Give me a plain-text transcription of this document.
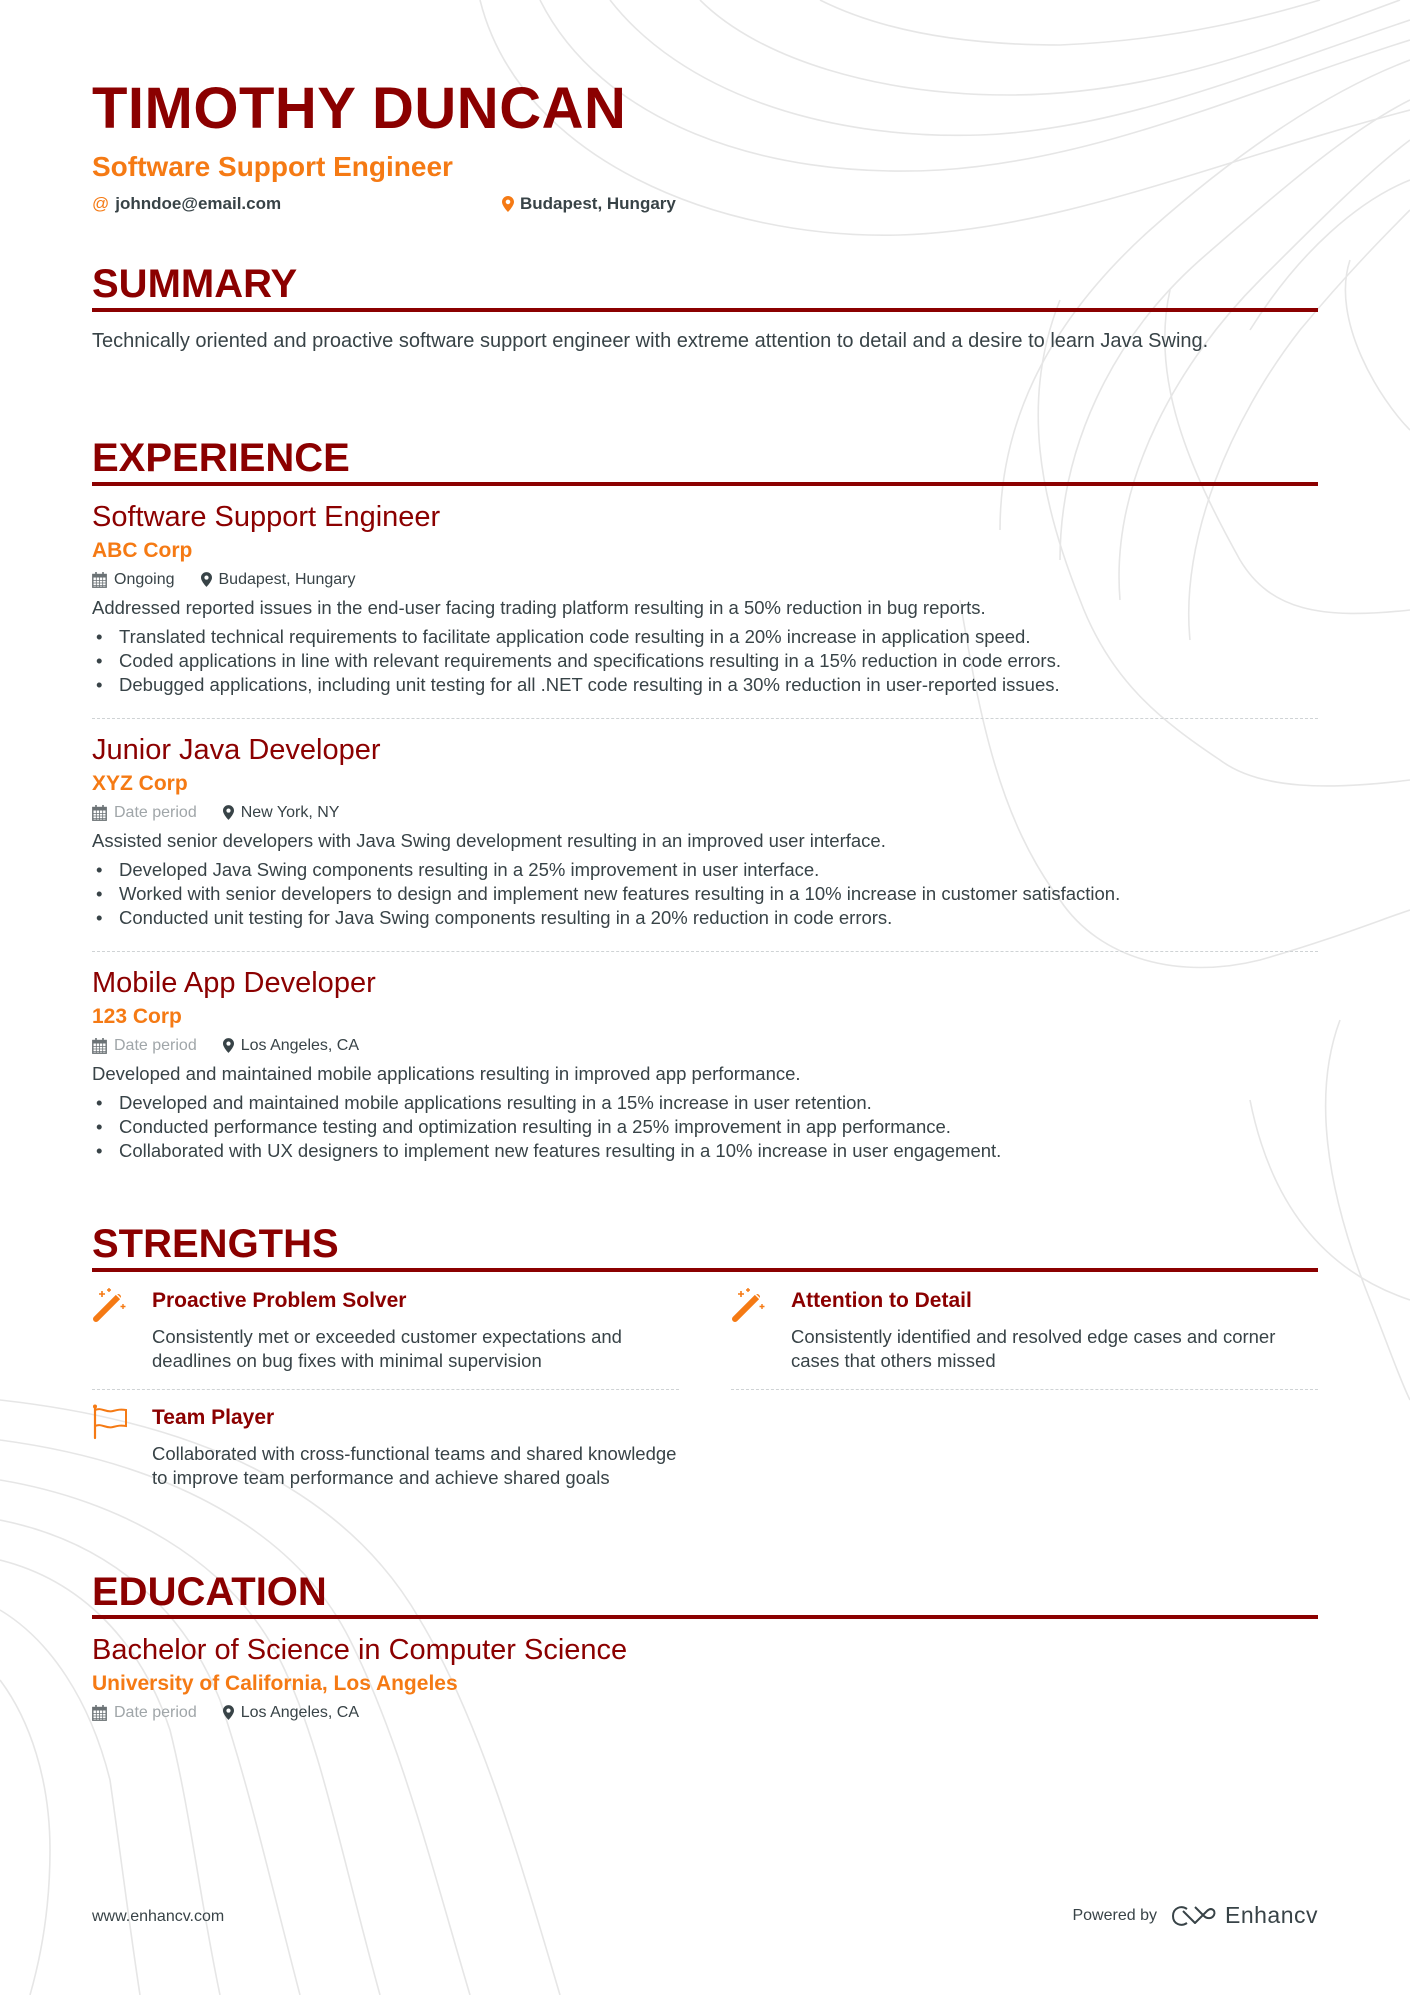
TIMOTHY DUNCAN
Software Support Engineer
@ johndoe@email.com	Budapest, Hungary
SUMMARY
Technically oriented and proactive software support engineer with extreme attention to detail and a desire to learn Java Swing.
EXPERIENCE
Software Support Engineer
ABC Corp
Ongoing	Budapest, Hungary
Addressed reported issues in the end-user facing trading platform resulting in a 50% reduction in bug reports.
• Translated technical requirements to facilitate application code resulting in a 20% increase in application speed.
• Coded applications in line with relevant requirements and specifications resulting in a 15% reduction in code errors.
• Debugged applications, including unit testing for all .NET code resulting in a 30% reduction in user-reported issues.
Junior Java Developer
XYZ Corp
Date period	New York, NY
Assisted senior developers with Java Swing development resulting in an improved user interface.
• Developed Java Swing components resulting in a 25% improvement in user interface.
• Worked with senior developers to design and implement new features resulting in a 10% increase in customer satisfaction.
• Conducted unit testing for Java Swing components resulting in a 20% reduction in code errors.
Mobile App Developer
123 Corp
Date period	Los Angeles, CA
Developed and maintained mobile applications resulting in improved app performance.
• Developed and maintained mobile applications resulting in a 15% increase in user retention.
• Conducted performance testing and optimization resulting in a 25% improvement in app performance.
• Collaborated with UX designers to implement new features resulting in a 10% increase in user engagement.
STRENGTHS
Proactive Problem Solver
Consistently met or exceeded customer expectations and deadlines on bug fixes with minimal supervision
Attention to Detail
Consistently identified and resolved edge cases and corner cases that others missed
Team Player
Collaborated with cross-functional teams and shared knowledge to improve team performance and achieve shared goals
EDUCATION
Bachelor of Science in Computer Science
University of California, Los Angeles
Date period	Los Angeles, CA
www.enhancv.com	Powered by	Enhancv
